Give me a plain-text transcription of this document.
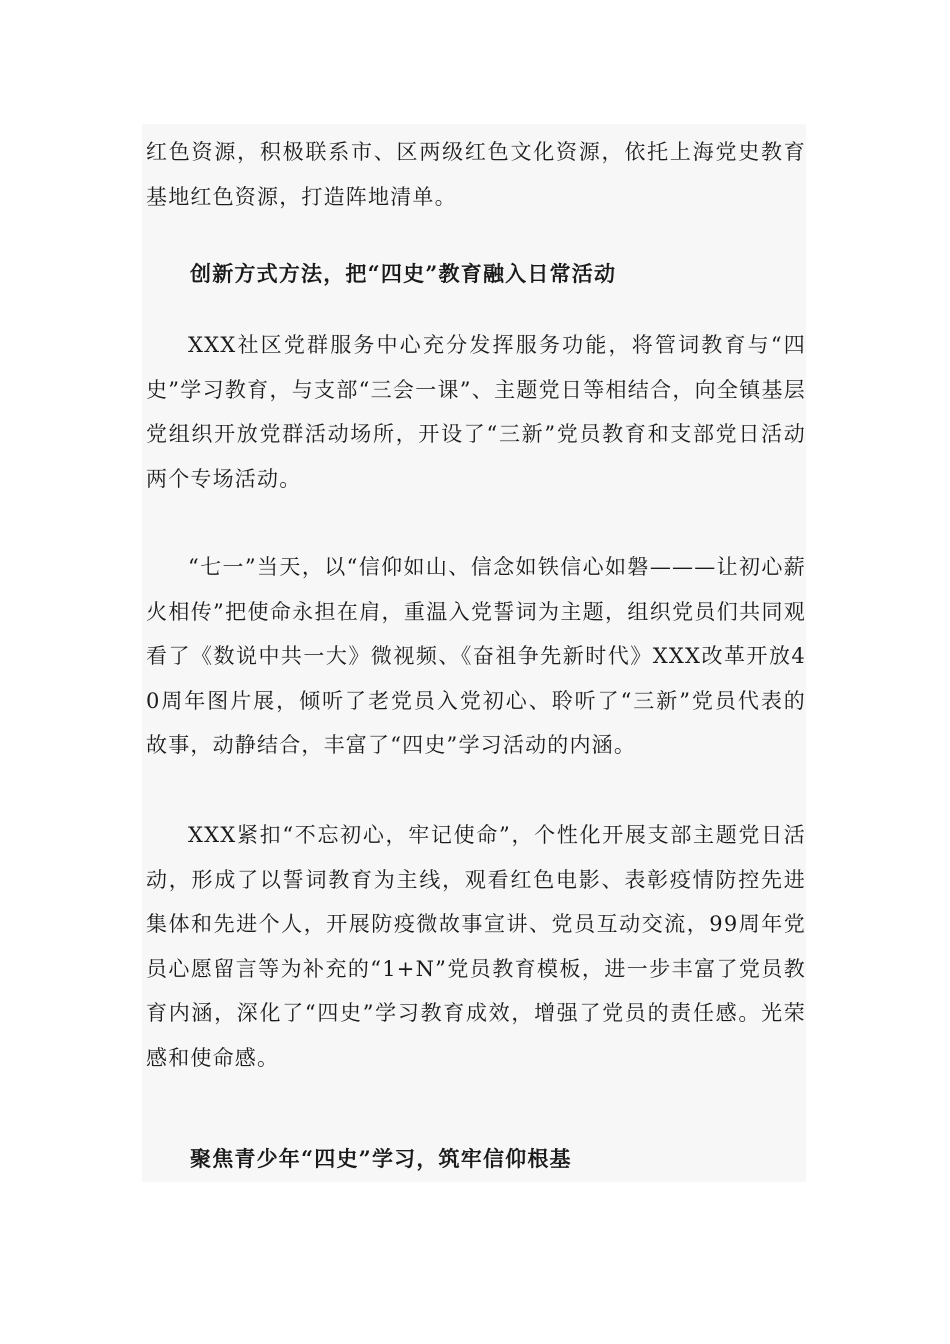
红色资源，积极联系市、区两级红色文化资源，依托上海党史教育基地红色资源，打造阵地清单。

创新方式方法，把“四史”教育融入日常活动

XXX社区党群服务中心充分发挥服务功能，将管词教育与“四史”学习教育，与支部“三会一课”、主题党日等相结合，向全镇基层党组织开放党群活动场所，开设了“三新”党员教育和支部党日活动两个专场活动。

“七一”当天，以“信仰如山、信念如铁信心如磐———让初心薪火相传”把使命永担在肩，重温入党誓词为主题，组织党员们共同观看了《数说中共一大》微视频、《奋祖争先新时代》XXX改革开放40周年图片展，倾听了老党员入党初心、聆听了“三新”党员代表的故事，动静结合，丰富了“四史”学习活动的内涵。

XXX紧扣“不忘初心，牢记使命”，个性化开展支部主题党日活动，形成了以誓词教育为主线，观看红色电影、表彰疫情防控先进集体和先进个人，开展防疫微故事宣讲、党员互动交流，99周年党员心愿留言等为补充的“1+N”党员教育模板，进一步丰富了党员教育内涵，深化了“四史”学习教育成效，增强了党员的责任感。光荣感和使命感。

聚焦青少年“四史”学习，筑牢信仰根基
